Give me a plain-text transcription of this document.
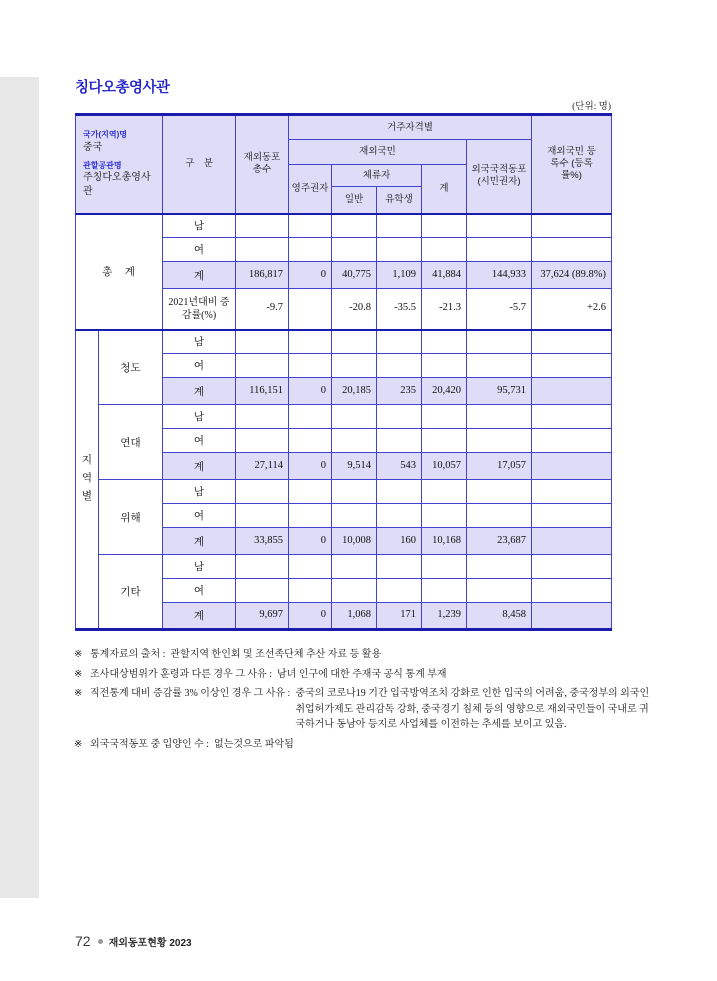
칭다오총영사관
(단위: 명)
국가(지역)명
중국
관할공관명
주칭다오총영사관		구　분	재외동포 총수	거주자격별					재외국민 등록수 (등록률%)
				재외국민				외국국적동포 (시민권자)	
				영주권자	체류자		계		
					일반	유학생			
총　계		남							
		여							
		계	186,817	0	40,775	1,109	41,884	144,933	37,624 (89.8%)
		2021년대비 증감률(%)	-9.7		-20.8	-35.5	-21.3	-5.7	+2.6
지역별	청도	남							
		여							
		계	116,151	0	20,185	235	20,420	95,731	
	연대	남							
		여							
		계	27,114	0	9,514	543	10,057	17,057	
	위해	남							
		여							
		계	33,855	0	10,008	160	10,168	23,687	
	기타	남							
		여							
		계	9,697	0	1,068	171	1,239	8,458	
※ 통계자료의 출처 : 관할지역 한인회 및 조선족단체 추산 자료 등 활용
※ 조사대상범위가 훈령과 다른 경우 그 사유 : 남녀 인구에 대한 주재국 공식 통계 부재
※ 직전통계 대비 증감률 3% 이상인 경우 그 사유 : 중국의 코로나19 기간 입국방역조치 강화로 인한 입국의 어려움, 중국정부의 외국인 취업허가제도 관리감독 강화, 중국경기 침체 등의 영향으로 재외국민들이 국내로 귀국하거나 동남아 등지로 사업체를 이전하는 추세를 보이고 있음.
※ 외국국적동포 중 입양인 수 : 없는것으로 파악됨
72 재외동포현황 2023
